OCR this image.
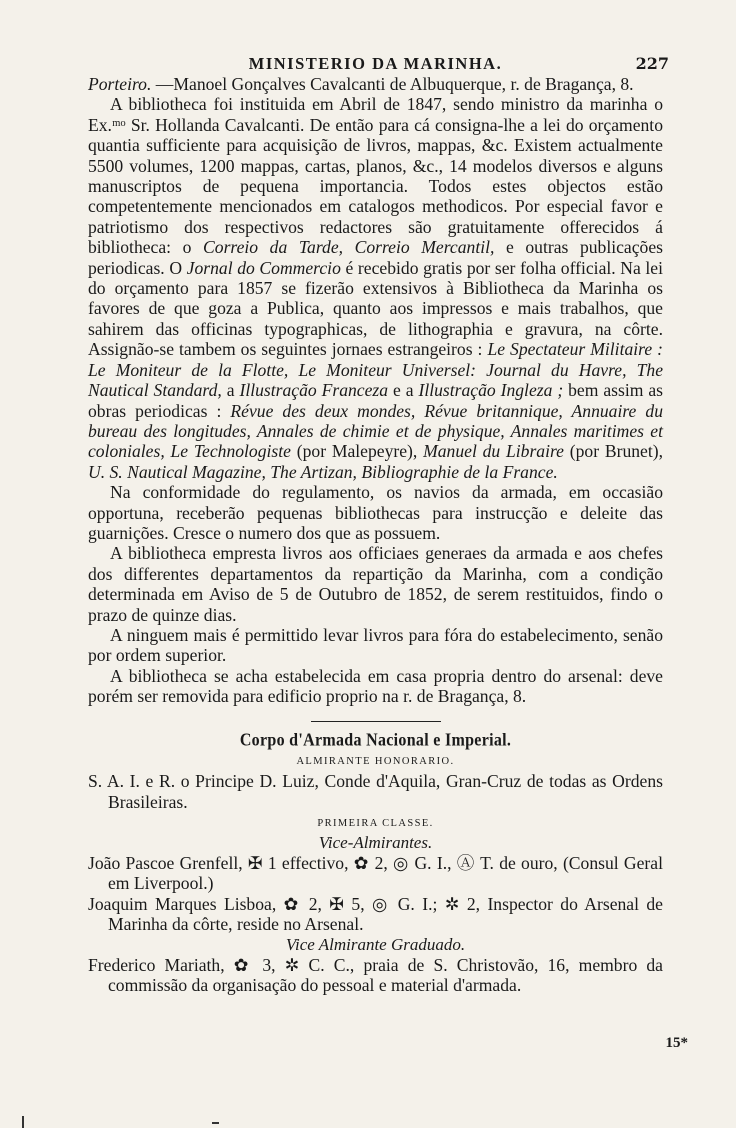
MINISTERIO DA MARINHA.	227

Porteiro. —Manoel Gonçalves Cavalcanti de Albuquerque, r. de Bragança, 8.

A bibliotheca foi instituida em Abril de 1847, sendo ministro da marinha o Ex.ᵐᵒ Sr. Hollanda Cavalcanti. De então para cá consigna-lhe a lei do orçamento quantia sufficiente para acquisição de livros, mappas, &c. Existem actualmente 5500 volumes, 1200 mappas, cartas, planos, &c., 14 modelos diversos e alguns manuscriptos de pequena importancia. Todos estes objectos estão competentemente mencionados em catalogos methodicos. Por especial favor e patriotismo dos respectivos redactores são gratuitamente offerecidos á bibliotheca: o Correio da Tarde, Correio Mercantil, e outras publicações periodicas. O Jornal do Commercio é recebido gratis por ser folha official. Na lei do orçamento para 1857 se fizerão extensivos à Bibliotheca da Marinha os favores de que goza a Publica, quanto aos impressos e mais trabalhos, que sahirem das officinas typographicas, de lithographia e gravura, na côrte. Assignão-se tambem os seguintes jornaes estrangeiros : Le Spectateur Militaire : Le Moniteur de la Flotte, Le Moniteur Universel: Journal du Havre, The Nautical Standard, a Illustração Franceza e a Illustração Ingleza ; bem assim as obras periodicas : Révue des deux mondes, Révue britannique, Annuaire du bureau des longitudes, Annales de chimie et de physique, Annales maritimes et coloniales, Le Technologiste (por Malepeyre), Manuel du Libraire (por Brunet), U. S. Nautical Magazine, The Artizan, Bibliographie de la France.

Na conformidade do regulamento, os navios da armada, em occasião opportuna, receberão pequenas bibliothecas para instrucção e deleite das guarnições. Cresce o numero dos que as possuem.

A bibliotheca empresta livros aos officiaes generaes da armada e aos chefes dos differentes departamentos da repartição da Marinha, com a condição determinada em Aviso de 5 de Outubro de 1852, de serem restituidos, findo o prazo de quinze dias.

A ninguem mais é permittido levar livros para fóra do estabelecimento, senão por ordem superior.

A bibliotheca se acha estabelecida em casa propria dentro do arsenal: deve porém ser removida para edificio proprio na r. de Bragança, 8.

Corpo d'Armada Nacional e Imperial.
ALMIRANTE HONORARIO.
S. A. I. e R. o Principe D. Luiz, Conde d'Aquila, Gran-Cruz de todas as Ordens Brasileiras.
PRIMEIRA CLASSE.
Vice-Almirantes.
João Pascoe Grenfell, ✠ 1 effectivo, ✿ 2, ◎ G. I., Ⓐ T. de ouro, (Consul Geral em Liverpool.)
Joaquim Marques Lisboa, ✿ 2, ✠ 5, ◎ G. I.; ✲ 2, Inspector do Arsenal de Marinha da côrte, reside no Arsenal.
Vice Almirante Graduado.
Frederico Mariath, ✿ 3, ✲ C. C., praia de S. Christovão, 16, membro da commissão da organisação do pessoal e material d'armada.
15*
